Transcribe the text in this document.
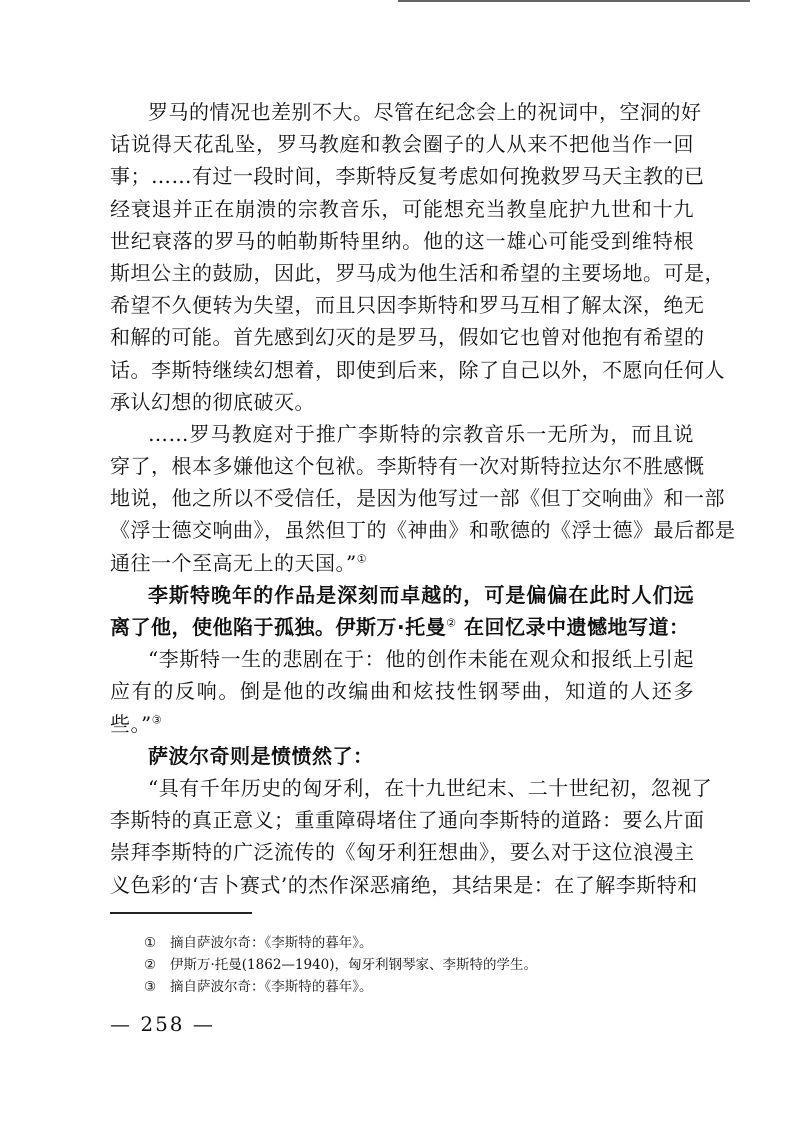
罗马的情况也差别不大。尽管在纪念会上的祝词中，空洞的好
话说得天花乱坠，罗马教庭和教会圈子的人从来不把他当作一回
事；……有过一段时间，李斯特反复考虑如何挽救罗马天主教的已
经衰退并正在崩溃的宗教音乐，可能想充当教皇庇护九世和十九
世纪衰落的罗马的帕勒斯特里纳。他的这一雄心可能受到维特根
斯坦公主的鼓励，因此，罗马成为他生活和希望的主要场地。可是，
希望不久便转为失望，而且只因李斯特和罗马互相了解太深，绝无
和解的可能。首先感到幻灭的是罗马，假如它也曾对他抱有希望的
话。李斯特继续幻想着，即使到后来，除了自己以外，不愿向任何人
承认幻想的彻底破灭。
……罗马教庭对于推广李斯特的宗教音乐一无所为，而且说
穿了，根本多嫌他这个包袱。李斯特有一次对斯特拉达尔不胜感慨
地说，他之所以不受信任，是因为他写过一部《但丁交响曲》和一部
《浮士德交响曲》，虽然但丁的《神曲》和歌德的《浮士德》最后都是
通往一个至高无上的天国。”①
李斯特晚年的作品是深刻而卓越的，可是偏偏在此时人们远
离了他，使他陷于孤独。伊斯万·托曼② 在回忆录中遗憾地写道：
“李斯特一生的悲剧在于：他的创作未能在观众和报纸上引起
应有的反响。倒是他的改编曲和炫技性钢琴曲，知道的人还多
些。”③
萨波尔奇则是愤愤然了：
“具有千年历史的匈牙利，在十九世纪末、二十世纪初，忽视了
李斯特的真正意义；重重障碍堵住了通向李斯特的道路：要么片面
崇拜李斯特的广泛流传的《匈牙利狂想曲》，要么对于这位浪漫主
义色彩的‘吉卜赛式’的杰作深恶痛绝，其结果是：在了解李斯特和
① 摘自萨波尔奇：《李斯特的暮年》。
② 伊斯万·托曼(1862—1940)，匈牙利钢琴家、李斯特的学生。
③ 摘自萨波尔奇：《李斯特的暮年》。
— 258 —
